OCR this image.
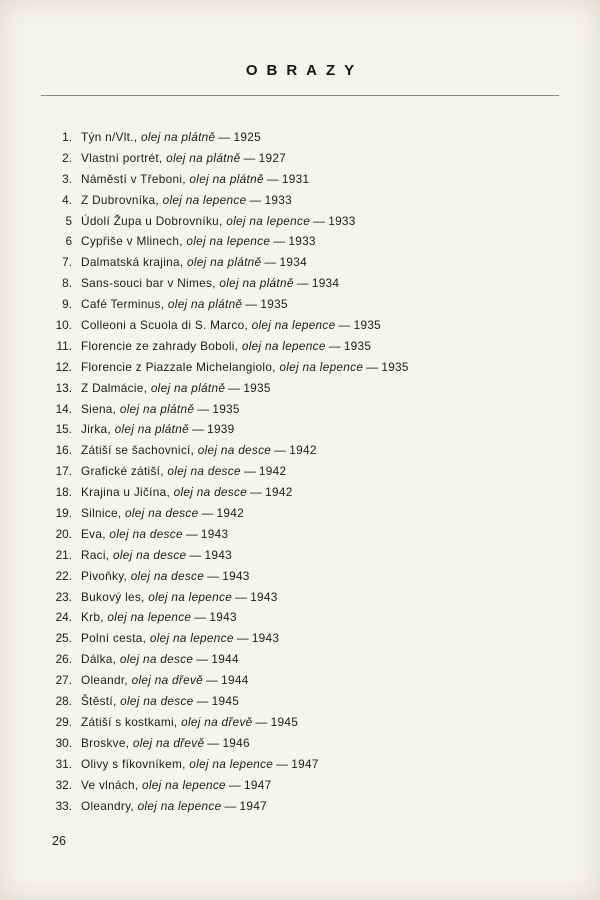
OBRAZY
1. Týn n/Vlt., olej na plátně — 1925
2. Vlastní portrét, olej na plátně — 1927
3. Náměstí v Třeboni, olej na plátně — 1931
4. Z Dubrovníka, olej na lepence — 1933
5 Údolí Župa u Dobrovníku, olej na lepence — 1933
6 Cypřiše v Mlinech, olej na lepence — 1933
7. Dalmatská krajina, olej na plátně — 1934
8. Sans-souci bar v Nimes, olej na plátně — 1934
9. Café Terminus, olej na plátně — 1935
10. Colleoni a Scuola di S. Marco, olej na lepence — 1935
11. Florencie ze zahrady Boboli, olej na lepence — 1935
12. Florencie z Piazzale Michelangiolo, olej na lepence — 1935
13. Z Dalmácie, olej na plátně — 1935
14. Siena, olej na plátně — 1935
15. Jirka, olej na plátně — 1939
16. Zátiší se šachovnicí, olej na desce — 1942
17. Grafické zátiší, olej na desce — 1942
18. Krajina u Jičína, olej na desce — 1942
19. Silnice, olej na desce — 1942
20. Eva, olej na desce — 1943
21. Raci, olej na desce — 1943
22. Pivoňky, olej na desce — 1943
23. Bukový les, olej na lepence — 1943
24. Krb, olej na lepence — 1943
25. Polní cesta, olej na lepence — 1943
26. Dálka, olej na desce — 1944
27. Oleandr, olej na dřevě — 1944
28. Štěstí, olej na desce — 1945
29. Zátiší s kostkami, olej na dřevě — 1945
30. Broskve, olej na dřevě — 1946
31. Olivy s fíkovníkem, olej na lepence — 1947
32. Ve vlnách, olej na lepence — 1947
33. Oleandry, olej na lepence — 1947
26
